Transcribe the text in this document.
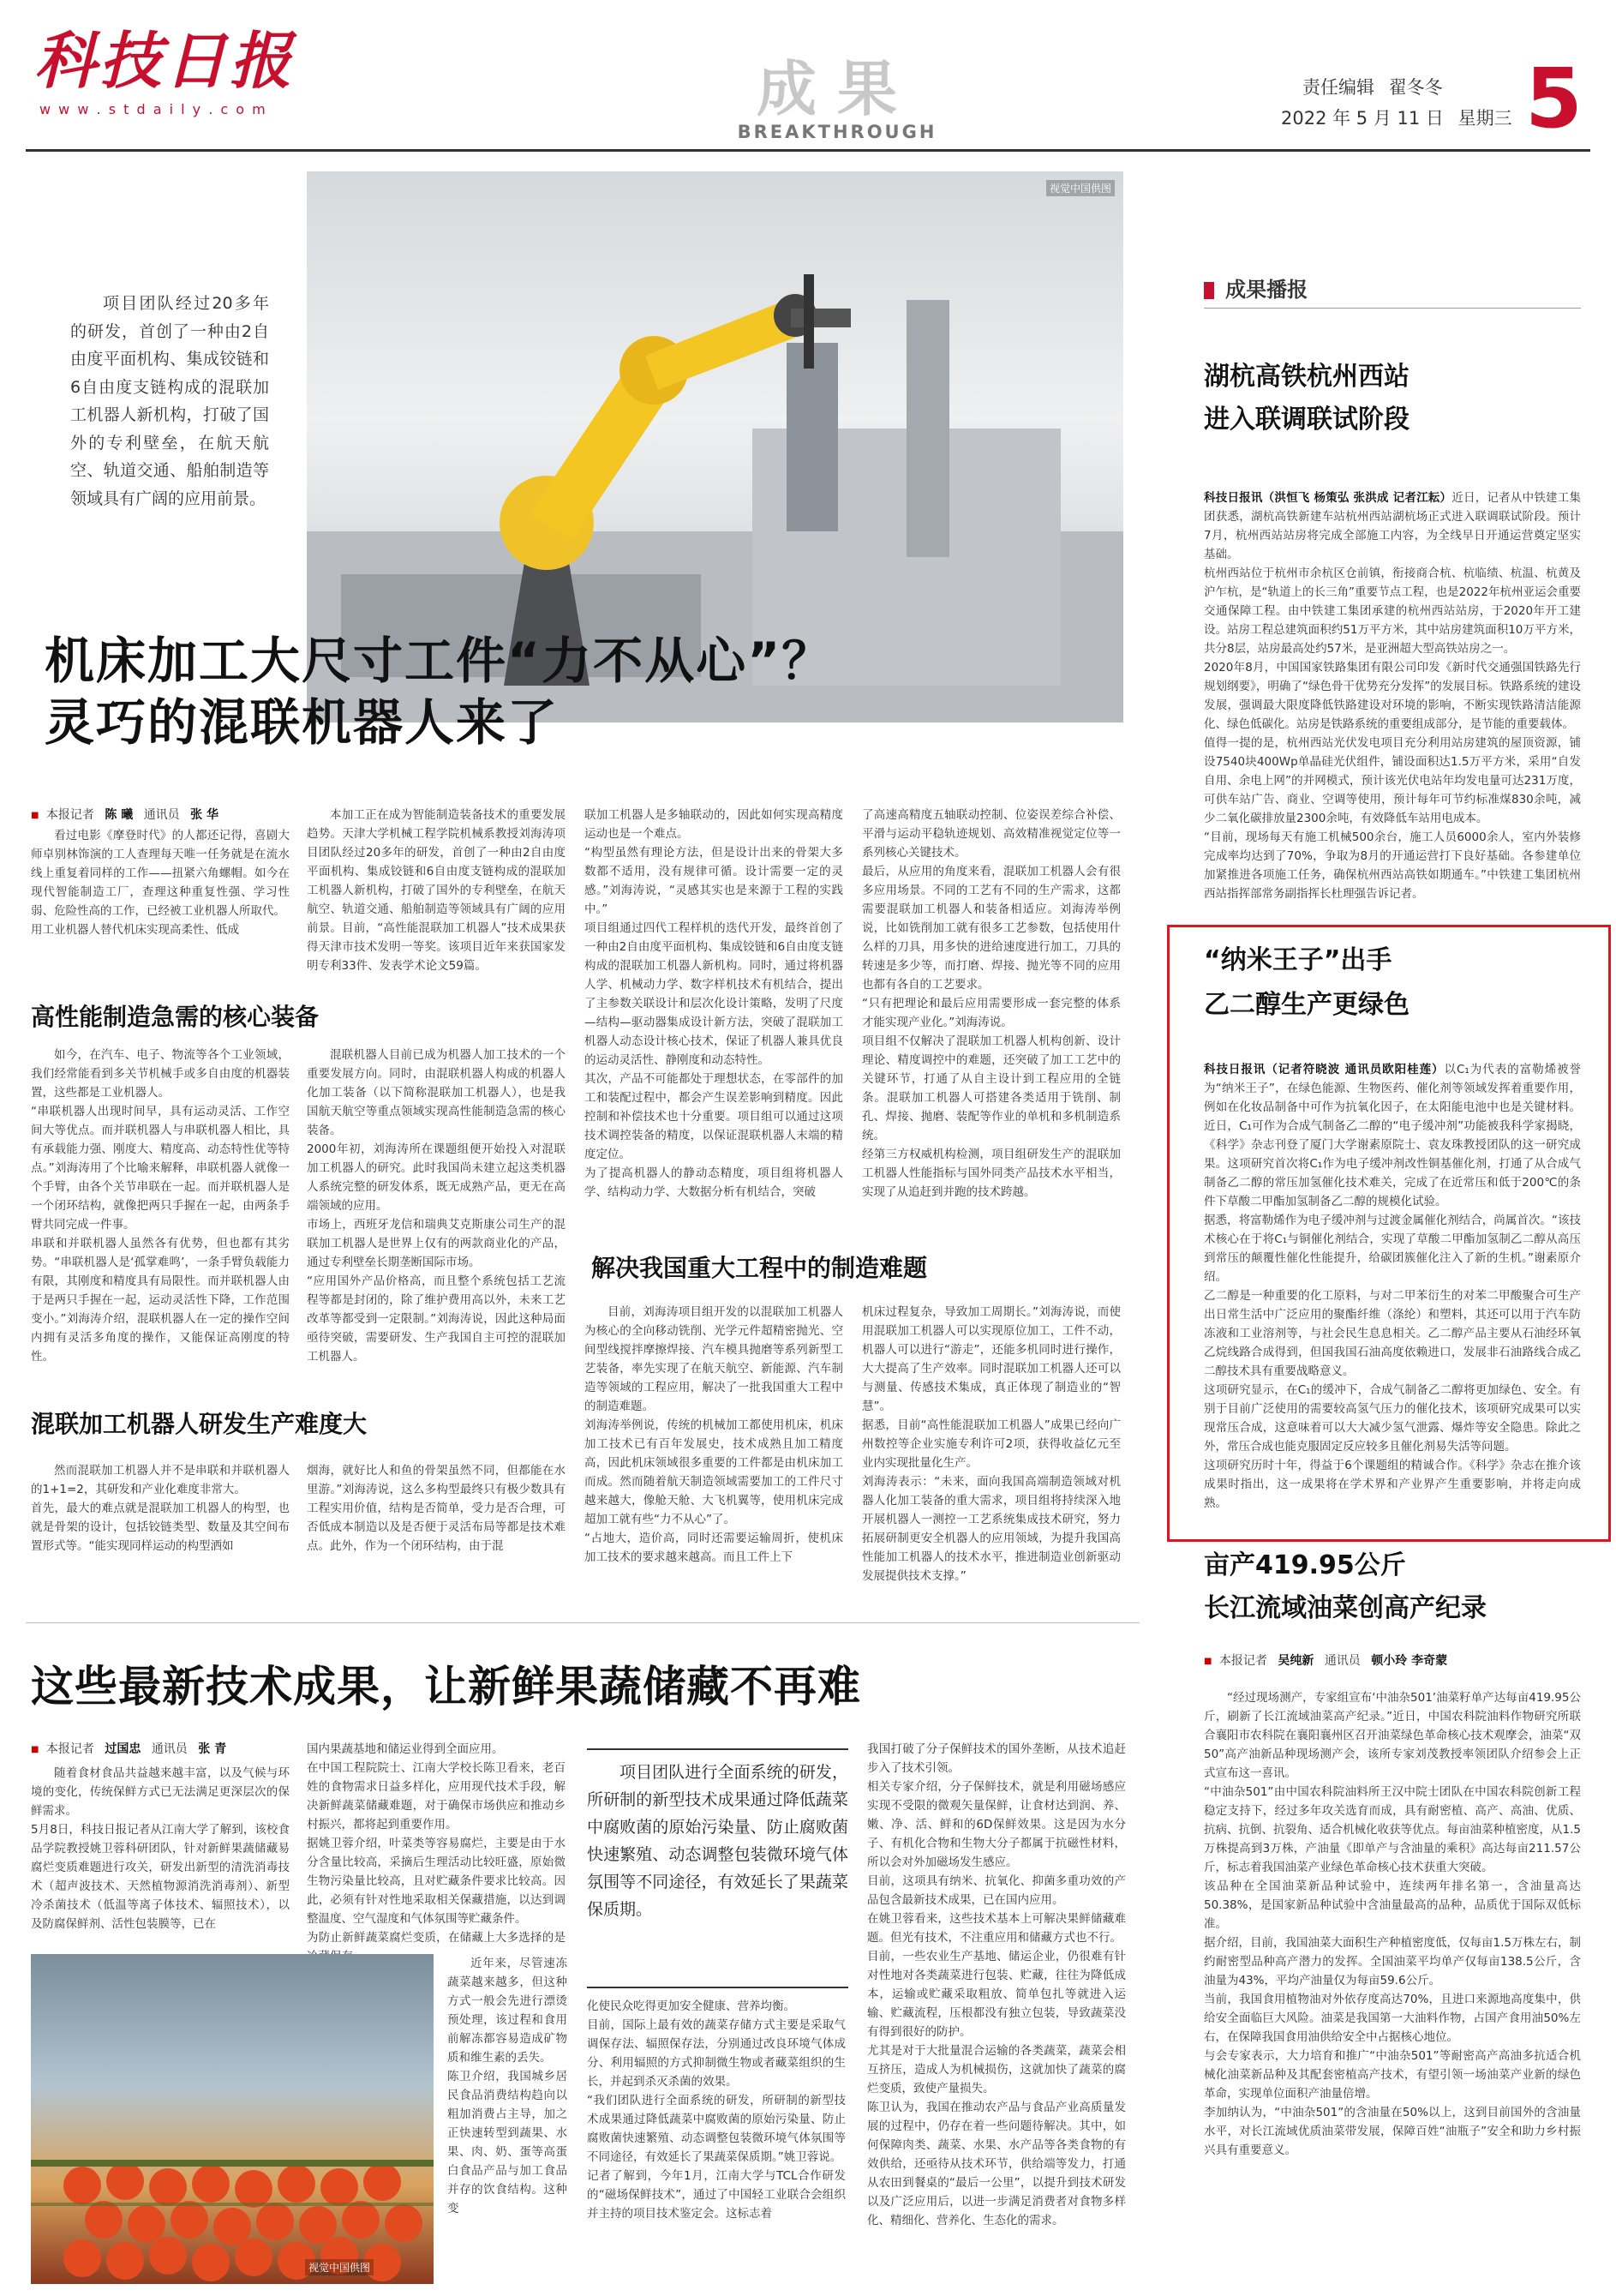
科技日报
w w w . s t d a i l y . c o m	成果
BREAKTHROUGH
责任编辑 翟冬冬
2022 年 5 月 11 日 星期三 5
视觉中国供图

项目团队经过20多年的研发，首创了一种由2自由度平面机构、集成铰链和6自由度支链构成的混联加工机器人新机构，打破了国外的专利壁垒，在航天航空、轨道交通、船舶制造等领域具有广阔的应用前景。

机床加工大尺寸工件“力不从心”？
灵巧的混联机器人来了
■ 本报记者 陈 曦 通讯员 张 华

看过电影《摩登时代》的人都还记得，喜剧大师卓别林饰演的工人查理每天唯一任务就是在流水线上重复着同样的工作——扭紧六角螺帽。如今在现代智能制造工厂，查理这种重复性强、学习性弱、危险性高的工作，已经被工业机器人所取代。
用工业机器人替代机床实现高柔性、低成

高性能制造急需的核心装备

如今，在汽车、电子、物流等各个工业领域，我们经常能看到多关节机械手或多自由度的机器装置，这些都是工业机器人。
“串联机器人出现时间早，具有运动灵活、工作空间大等优点。而并联机器人与串联机器人相比，具有承载能力强、刚度大、精度高、动态特性优等特点。”刘海涛用了个比喻来解释，串联机器人就像一个手臂，由各个关节串联在一起。而并联机器人是一个闭环结构，就像把两只手握在一起，由两条手臂共同完成一件事。
串联和并联机器人虽然各有优势，但也都有其劣势。“串联机器人是‘孤掌难鸣’，一条手臂负载能力有限，其刚度和精度具有局限性。而并联机器人由于是两只手握在一起，运动灵活性下降，工作范围变小。”刘海涛介绍，混联机器人在一定的操作空间内拥有灵活多角度的操作，又能保证高刚度的特性。

混联加工机器人研发生产难度大

然而混联加工机器人并不是串联和并联机器人的1+1=2，其研发和产业化难度非常大。
首先，最大的难点就是混联加工机器人的构型，也就是骨架的设计，包括铰链类型、数量及其空间布置形式等。“能实现同样运动的构型洒如

本加工正在成为智能制造装备技术的重要发展趋势。天津大学机械工程学院机械系教授刘海涛项目团队经过20多年的研发，首创了一种由2自由度平面机构、集成铰链和6自由度支链构成的混联加工机器人新机构，打破了国外的专利壁垒，在航天航空、轨道交通、船舶制造等领域具有广阔的应用前景。目前，“高性能混联加工机器人”技术成果获得天津市技术发明一等奖。该项目近年来获国家发明专利33件、发表学术论文59篇。

混联机器人目前已成为机器人加工技术的一个重要发展方向。同时，由混联机器人构成的机器人化加工装备（以下简称混联加工机器人），也是我国航天航空等重点领域实现高性能制造急需的核心装备。
2000年初，刘海涛所在课题组便开始投入对混联加工机器人的研究。此时我国尚未建立起这类机器人系统完整的研发体系，既无成熟产品，更无在高端领域的应用。
市场上，西班牙龙信和瑞典艾克斯康公司生产的混联加工机器人是世界上仅有的两款商业化的产品，通过专利壁垒长期垄断国际市场。
“应用国外产品价格高，而且整个系统包括工艺流程等都是封闭的，除了维护费用高以外，未来工艺改革等都受到一定限制。”刘海涛说，因此这种局面亟待突破，需要研发、生产我国自主可控的混联加工机器人。

烟海，就好比人和鱼的骨架虽然不同，但都能在水里游。”刘海涛说，这么多构型最终只有极少数具有工程实用价值，结构是否简单，受力是否合理，可否低成本制造以及是否便于灵活布局等都是技术难点。此外，作为一个闭环结构，由于混

联加工机器人是多轴联动的，因此如何实现高精度运动也是一个难点。
“构型虽然有理论方法，但是设计出来的骨架大多数都不适用，没有规律可循。设计需要一定的灵感。”刘海涛说，“灵感其实也是来源于工程的实践中。”
项目组通过四代工程样机的迭代开发，最终首创了一种由2自由度平面机构、集成铰链和6自由度支链构成的混联加工机器人新机构。同时，通过将机器人学、机械动力学、数字样机技术有机结合，提出了主参数关联设计和层次化设计策略，发明了尺度—结构—驱动器集成设计新方法，突破了混联加工机器人动态设计核心技术，保证了机器人兼具优良的运动灵活性、静刚度和动态特性。
其次，产品不可能都处于理想状态，在零部件的加工和装配过程中，都会产生误差影响到精度。因此控制和补偿技术也十分重要。项目组可以通过这项技术调控装备的精度，以保证混联机器人末端的精度定位。
为了提高机器人的静动态精度，项目组将机器人学、结构动力学、大数据分析有机结合，突破

了高速高精度五轴联动控制、位姿误差综合补偿、平滑与运动平稳轨迹规划、高效精准视觉定位等一系列核心关键技术。
最后，从应用的角度来看，混联加工机器人会有很多应用场景。不同的工艺有不同的生产需求，这都需要混联加工机器人和装备相适应。刘海涛举例说，比如铣削加工就有很多工艺参数，包括使用什么样的刀具，用多快的进给速度进行加工，刀具的转速是多少等，而打磨、焊接、抛光等不同的应用也都有各自的工艺要求。
“只有把理论和最后应用需要形成一套完整的体系才能实现产业化。”刘海涛说。
项目组不仅解决了混联加工机器人机构创新、设计理论、精度调控中的难题，还突破了加工工艺中的关键环节，打通了从自主设计到工程应用的全链条。混联加工机器人可搭建各类适用于铣削、制孔、焊接、抛磨、装配等作业的单机和多机制造系统。
经第三方权威机构检测，项目组研发生产的混联加工机器人性能指标与国外同类产品技术水平相当，实现了从追赶到并跑的技术跨越。

解决我国重大工程中的制造难题

目前，刘海涛项目组开发的以混联加工机器人为核心的全向移动铣削、光学元件超精密抛光、空间型线搅拌摩擦焊接、汽车模具抛磨等系列新型工艺装备，率先实现了在航天航空、新能源、汽车制造等领域的工程应用，解决了一批我国重大工程中的制造难题。
刘海涛举例说，传统的机械加工都使用机床，机床加工技术已有百年发展史，技术成熟且加工精度高，因此机床领域很多重要的工件都是由机床加工而成。然而随着航天制造领域需要加工的工件尺寸越来越大，像舱天舱、大飞机翼等，使用机床完成超加工就有些“力不从心”了。
“占地大，造价高，同时还需要运输周折，使机床加工技术的要求越来越高。而且工件上下

机床过程复杂，导致加工周期长。”刘海涛说，而使用混联加工机器人可以实现原位加工，工件不动，机器人可以进行“游走”，还能多机同时进行操作，大大提高了生产效率。同时混联加工机器人还可以与测量、传感技术集成，真正体现了制造业的“智慧”。
据悉，目前“高性能混联加工机器人”成果已经向广州数控等企业实施专利许可2项，获得收益亿元至业内实现批量化生产。
刘海涛表示：“未来，面向我国高端制造领域对机器人化加工装备的重大需求，项目组将持续深入地开展机器人一测控一工艺系统集成技术研究，努力拓展研制更安全机器人的应用领域，为提升我国高性能加工机器人的技术水平，推进制造业创新驱动发展提供技术支撑。”

成果播报
湖杭高铁杭州西站
进入联调联试阶段

科技日报讯（洪恒飞 杨策弘 张洪成 记者江耘）近日，记者从中铁建工集团获悉，湖杭高铁新建车站杭州西站湖杭场正式进入联调联试阶段。预计7月，杭州西站站房将完成全部施工内容，为全线早日开通运营奠定坚实基础。
杭州西站位于杭州市余杭区仓前镇，衔接商合杭、杭临绩、杭温、杭黄及沪乍杭，是“轨道上的长三角”重要节点工程，也是2022年杭州亚运会重要交通保障工程。由中铁建工集团承建的杭州西站站房，于2020年开工建设。站房工程总建筑面积约51万平方米，其中站房建筑面积10万平方米，共分8层，站房最高处约57米，是亚洲超大型高铁站房之一。
2020年8月，中国国家铁路集团有限公司印发《新时代交通强国铁路先行规划纲要》，明确了“绿色骨干优势充分发挥”的发展目标。铁路系统的建设发展，强调最大限度降低铁路建设对环境的影响，不断实现铁路清洁能源化、绿色低碳化。站房是铁路系统的重要组成部分，是节能的重要载体。
值得一提的是，杭州西站光伏发电项目充分利用站房建筑的屋顶资源，铺设7540块400Wp单晶硅光伏组件，铺设面积达1.5万平方米，采用“自发自用、余电上网”的并网模式，预计该光伏电站年均发电量可达231万度，可供车站广告、商业、空调等使用，预计每年可节约标准煤830余吨，减少二氧化碳排放量2300余吨，有效降低车站用电成本。
“目前，现场每天有施工机械500余台，施工人员6000余人，室内外装修完成率均达到了70%，争取为8月的开通运营打下良好基础。各参建单位加紧推进各项施工任务，确保杭州西站高铁如期通车。”中铁建工集团杭州西站指挥部常务副指挥长杜理强告诉记者。

“纳米王子”出手
乙二醇生产更绿色

科技日报讯（记者符晓波 通讯员欧阳桂莲）以C₁为代表的富勒烯被誉为“纳米王子”，在绿色能源、生物医药、催化剂等领域发挥着重要作用，例如在化妆品制备中可作为抗氧化因子，在太阳能电池中也是关键材料。近日，C₁可作为合成气制备乙二醇的“电子缓冲剂”功能被我科学家揭晓，《科学》杂志刊登了厦门大学谢素原院士、袁友珠教授团队的这一研究成果。这项研究首次将C₁作为电子缓冲剂改性铜基催化剂，打通了从合成气制备乙二醇的常压加氢催化技术难关，完成了在近常压和低于200℃的条件下草酸二甲酯加氢制备乙二醇的规模化试验。
据悉，将富勒烯作为电子缓冲剂与过渡金属催化剂结合，尚属首次。“该技术核心在于将C₁与铜催化剂结合，实现了草酸二甲酯加氢制乙二醇从高压到常压的颠覆性催化性能提升，给碳团簇催化注入了新的生机。”谢素原介绍。
乙二醇是一种重要的化工原料，与对二甲苯衍生的对苯二甲酸聚合可生产出日常生活中广泛应用的聚酯纤维（涤纶）和塑料，其还可以用于汽车防冻液和工业溶剂等，与社会民生息息相关。乙二醇产品主要从石油经环氧乙烷线路合成得到，但国我国石油高度依赖进口，发展非石油路线合成乙二醇技术具有重要战略意义。
这项研究显示，在C₁的缓冲下，合成气制备乙二醇将更加绿色、安全。有别于目前广泛使用的需要较高氢气压力的催化技术，该项研究成果可以实现常压合成，这意味着可以大大减少氢气泄露、爆炸等安全隐患。除此之外，常压合成也能克服固定反应较多且催化剂易失活等问题。
这项研究历时十年，得益于6个课题组的精诚合作。《科学》杂志在推介该成果时指出，这一成果将在学术界和产业界产生重要影响，并将走向成熟。

亩产419.95公斤
长江流域油菜创高产纪录
■ 本报记者 吴纯新 通讯员 顿小玲 李奇蒙

“经过现场测产，专家组宣布‘中油杂501’油菜籽单产达每亩419.95公斤，刷新了长江流域油菜高产纪录。”近日，中国农科院油料作物研究所联合襄阳市农科院在襄阳襄州区召开油菜绿色革命核心技术观摩会，油菜“双50”高产油新品种现场测产会，该所专家刘茂教授率领团队介绍参会上正式宣布这一喜讯。
“中油杂501”由中国农科院油料所王汉中院士团队在中国农科院创新工程稳定支持下，经过多年攻关选育而成，具有耐密植、高产、高油、优质、抗病、抗倒、抗裂角、适合机械化收获等优点。每亩油菜种植密度，从1.5万株提高到3万株，产油量《即单产与含油量的乘积》高达每亩211.57公斤，标志着我国油菜产业绿色革命核心技术获重大突破。
该品种在全国油菜新品种试验中，连续两年排名第一，含油量高达50.38%，是国家新品种试验中含油量最高的品种，品质优于国际双低标准。
据介绍，目前，我国油菜大面积生产种植密度低，仅每亩1.5万株左右，制约耐密型品种高产潜力的发挥。全国油菜平均单产仅每亩138.5公斤，含油量为43%，平均产油量仅为每亩59.6公斤。
当前，我国食用植物油对外依存度高达70%，且进口来源地高度集中，供给安全面临巨大风险。油菜是我国第一大油料作物，占国产食用油50%左右，在保障我国食用油供给安全中占据核心地位。
与会专家表示，大力培育和推广“中油杂501”等耐密高产高油多抗适合机械化油菜新品种及其配套密植高产技术，有望引领一场油菜产业新的绿色革命，实现单位面积产油量倍增。
李加纳认为，“中油杂501”的含油量在50%以上，这到目前国外的含油量水平，对长江流域优质油菜带发展，保障百姓“油瓶子”安全和助力乡村振兴具有重要意义。

这些最新技术成果，让新鲜果蔬储藏不再难
■ 本报记者 过国忠 通讯员 张 青

随着食材食品共益越来越丰富，以及气候与环境的变化，传统保鲜方式已无法满足更深层次的保鲜需求。
5月8日，科技日报记者从江南大学了解到，该校食品学院教授姚卫蓉科研团队，针对新鲜果蔬储藏易腐烂变质难题进行攻关，研发出新型的清洗消毒技术（超声波技术、天然植物源消洗消毒剂）、新型冷杀菌技术（低温等离子体技术、辐照技术），以及防腐保鲜剂、活性包装膜等，已在

国内果蔬基地和储运业得到全面应用。
在中国工程院院士、江南大学校长陈卫看来，老百姓的食物需求日益多样化，应用现代技术手段，解决新鲜蔬菜储藏难题，对于确保市场供应和推动乡村振兴，都将起到重要作用。
据姚卫蓉介绍，叶菜类等容易腐烂，主要是由于水分含量比较高，采摘后生理活动比较旺盛，原始微生物污染量比较高，且对贮藏条件要求比较高。因此，必须有针对性地采取相关保藏措施，以达到调整温度、空气湿度和气体氛围等贮藏条件。
为防止新鲜蔬菜腐烂变质，在储藏上大多选择的是

近年来，尽管速冻蔬菜越来越多，但这种方式一般会先进行漂烫预处理，该过程和食用前解冻都容易造成矿物质和维生素的丢失。
陈卫介绍，我国城乡居民食品消费结构趋向以粗加消费占主导，加之正快速转型到蔬果、水果、肉、奶、蛋等高蛋白食品产品与加工食品并存的饮食结构。这种变

视觉中国供图

项目团队进行全面系统的研发，所研制的新型技术成果通过降低蔬菜中腐败菌的原始污染量、防止腐败菌快速繁殖、动态调整包装微环境气体氛围等不同途径，有效延长了果蔬菜保质期。

化使民众吃得更加安全健康、营养均衡。
目前，国际上最有效的蔬菜存储方式主要是采取气调保存法、辐照保存法，分别通过改良环境气体成分、利用辐照的方式抑制微生物或者藏菜组织的生长，并起到杀灭杀菌的效果。
“我们团队进行全面系统的研发，所研制的新型技术成果通过降低蔬菜中腐败菌的原始污染量、防止腐败菌快速繁殖、动态调整包装微环境气体氛围等不同途径，有效延长了果蔬菜保质期。”姚卫蓉说。
记者了解到，今年1月，江南大学与TCL合作研发的“磁场保鲜技术”，通过了中国轻工业联合会组织并主持的项目技术鉴定会。这标志着

我国打破了分子保鲜技术的国外垄断，从技术追赶步入了技术引领。
相关专家介绍，分子保鲜技术，就是利用磁场感应实现不受限的微观矢量保鲜，让食材达到润、养、嫩、净、活、鲜和的6D保鲜效果。这是因为水分子、有机化合物和生物大分子都属于抗磁性材料，所以会对外加磁场发生感应。
目前，这项具有纳米、抗氧化、抑菌多重功效的产品包含最新技术成果，已在国内应用。
在姚卫蓉看来，这些技术基本上可解决果鲜储藏难题。但光有技术，不注重应用和储藏方式也不行。
目前，一些农业生产基地、储运企业，仍很难有针对性地对各类蔬菜进行包装、贮藏，往往为降低成本，运输或贮藏采取粗放、简单包扎等就进入运输、贮藏流程，压根都没有独立包装，导致蔬菜没有得到很好的防护。
尤其是对于大批量混合运输的各类蔬菜，蔬菜会相互挤压，造成人为机械损伤，这就加快了蔬菜的腐烂变质，致使产量损失。
陈卫认为，我国在推动农产品与食品产业高质量发展的过程中，仍存在着一些问题待解决。其中，如何保障肉类、蔬菜、水果、水产品等各类食物的有效供给，还亟待从技术环节，供给端等发力，打通从农田到餐桌的“最后一公里”，以提升到技术研发以及广泛应用后，以进一步满足消费者对食物多样化、精细化、营养化、生态化的需求。
